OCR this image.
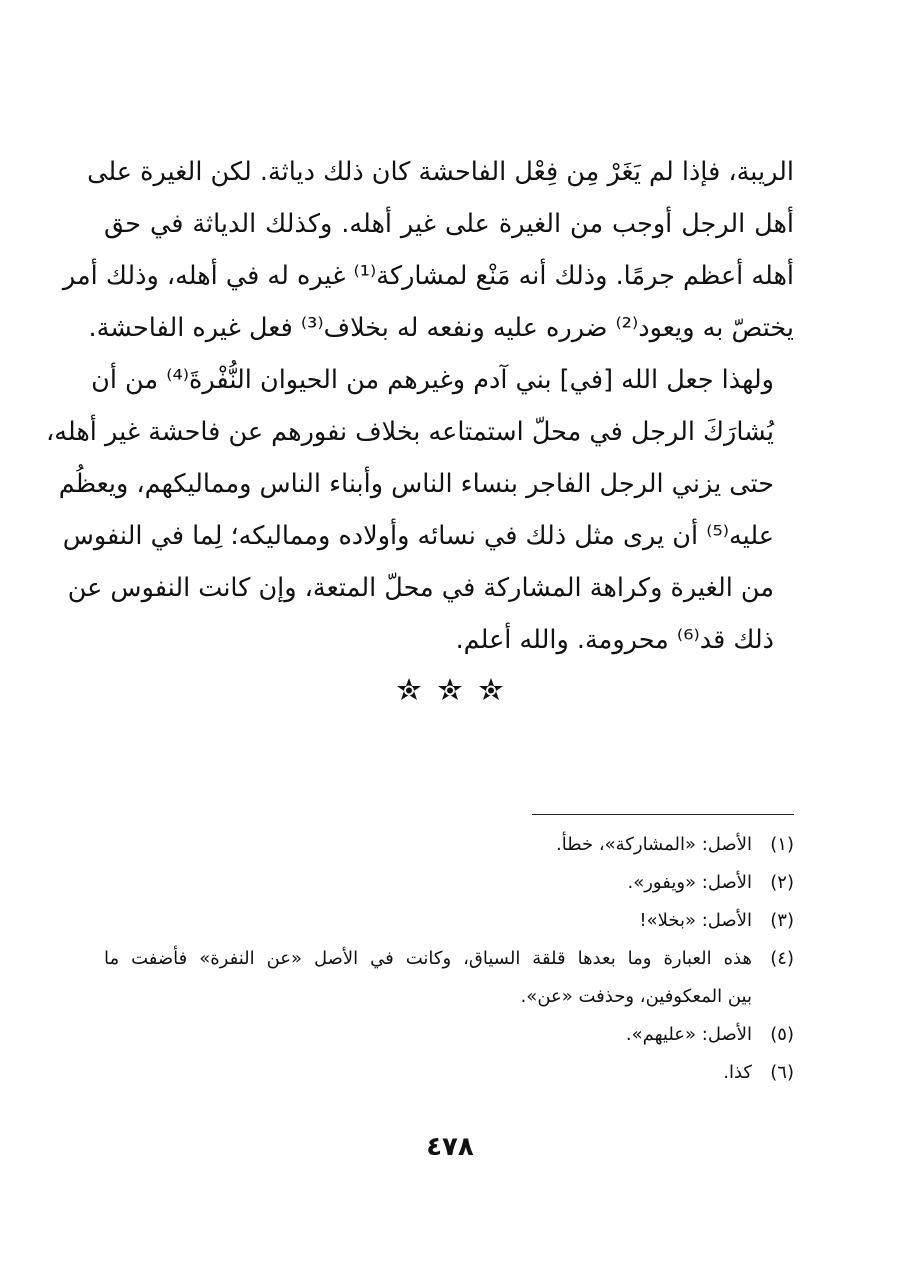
الريبة، فإذا لم يَغَرْ مِن فِعْل الفاحشة كان ذلك دياثة. لكن الغيرة على
أهل الرجل أوجب من الغيرة على غير أهله. وكذلك الدياثة في حق
أهله أعظم جرمًا. وذلك أنه مَنْع لمشاركة⁽¹⁾ غيره له في أهله، وذلك أمر
يختصّ به ويعود⁽²⁾ ضرره عليه ونفعه له بخلاف⁽³⁾ فعل غيره الفاحشة.

ولهذا جعل الله [في] بني آدم وغيرهم من الحيوان النُّفْرةَ⁽⁴⁾ من أن
يُشارَكَ الرجل في محلّ استمتاعه بخلاف نفورهم عن فاحشة غير أهله،
حتى يزني الرجل الفاجر بنساء الناس وأبناء الناس ومماليكهم، ويعظُم
عليه⁽⁵⁾ أن يرى مثل ذلك في نسائه وأولاده ومماليكه؛ لِما في النفوس
من الغيرة وكراهة المشاركة في محلّ المتعة، وإن كانت النفوس عن
ذلك قد⁽⁶⁾ محرومة. والله أعلم.

(١)
الأصل: «المشاركة»، خطأ.
(٢)
الأصل: «ويفور».
(٣)
الأصل: «بخلا»!
(٤)
هذه العبارة وما بعدها قلقة السياق، وكانت في الأصل «عن النفرة» فأضفت ما
بين المعكوفين، وحذفت «عن».
(٥)
الأصل: «عليهم».
(٦)
كذا.
٤٧٨
